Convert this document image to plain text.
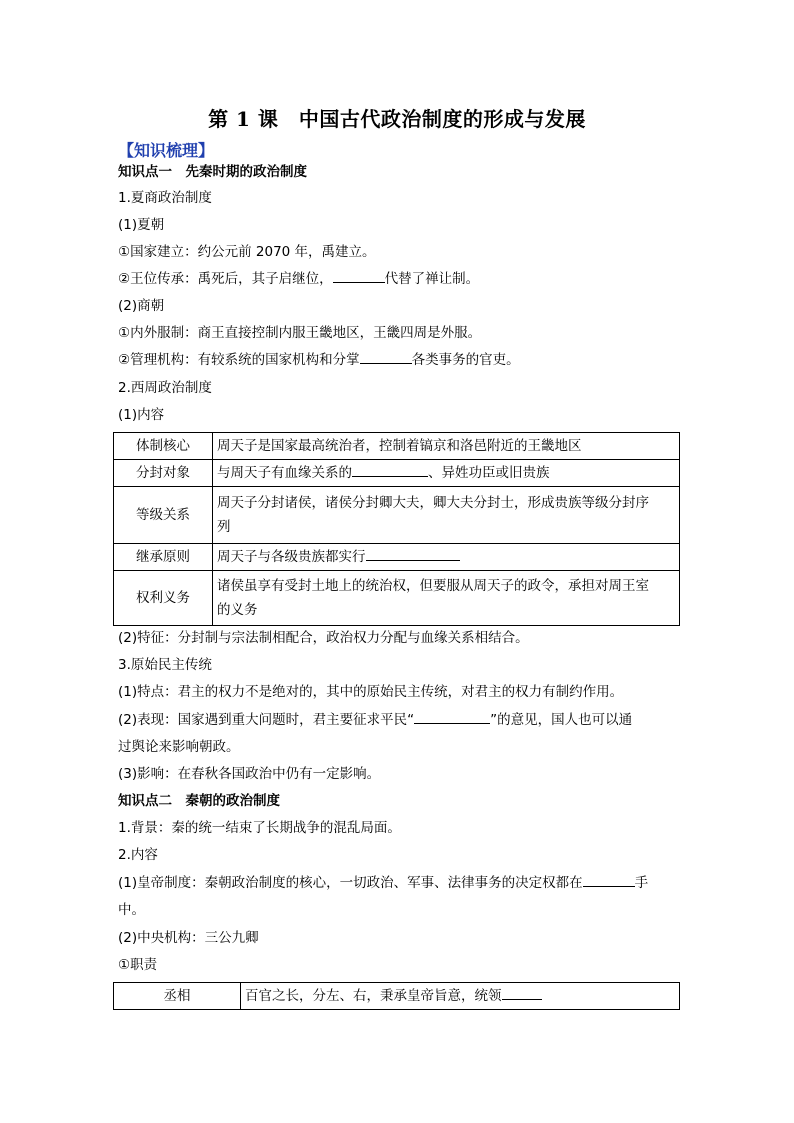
第 1 课　中国古代政治制度的形成与发展
【知识梳理】
知识点一　先秦时期的政治制度
1.夏商政治制度
(1)夏朝
①国家建立：约公元前 2070 年，禹建立。
②王位传承：禹死后，其子启继位，	代替了禅让制。
(2)商朝
①内外服制：商王直接控制内服王畿地区，王畿四周是外服。
②管理机构：有较系统的国家机构和分掌	各类事务的官吏。
2.西周政治制度
(1)内容
体制核心	周天子是国家最高统治者，控制着镐京和洛邑附近的王畿地区
分封对象	与周天子有血缘关系的 、异姓功臣或旧贵族
等级关系	周天子分封诸侯，诸侯分封卿大夫，卿大夫分封士，形成贵族等级分封序
列

继承原则	周天子与各级贵族都实行
权利义务	诸侯虽享有受封土地上的统治权，但要服从周天子的政令，承担对周王室
的义务
(2)特征：分封制与宗法制相配合，政治权力分配与血缘关系相结合。
3.原始民主传统
(1)特点：君主的权力不是绝对的，其中的原始民主传统，对君主的权力有制约作用。
(2)表现：国家遇到重大问题时，君主要征求平民“	”的意见，国人也可以通
过舆论来影响朝政。
(3)影响：在春秋各国政治中仍有一定影响。
知识点二　秦朝的政治制度
1.背景：秦的统一结束了长期战争的混乱局面。
2.内容
(1)皇帝制度：秦朝政治制度的核心，一切政治、军事、法律事务的决定权都在	手
中。
(2)中央机构：三公九卿
①职责
丞相	百官之长，分左、右，秉承皇帝旨意，统领
